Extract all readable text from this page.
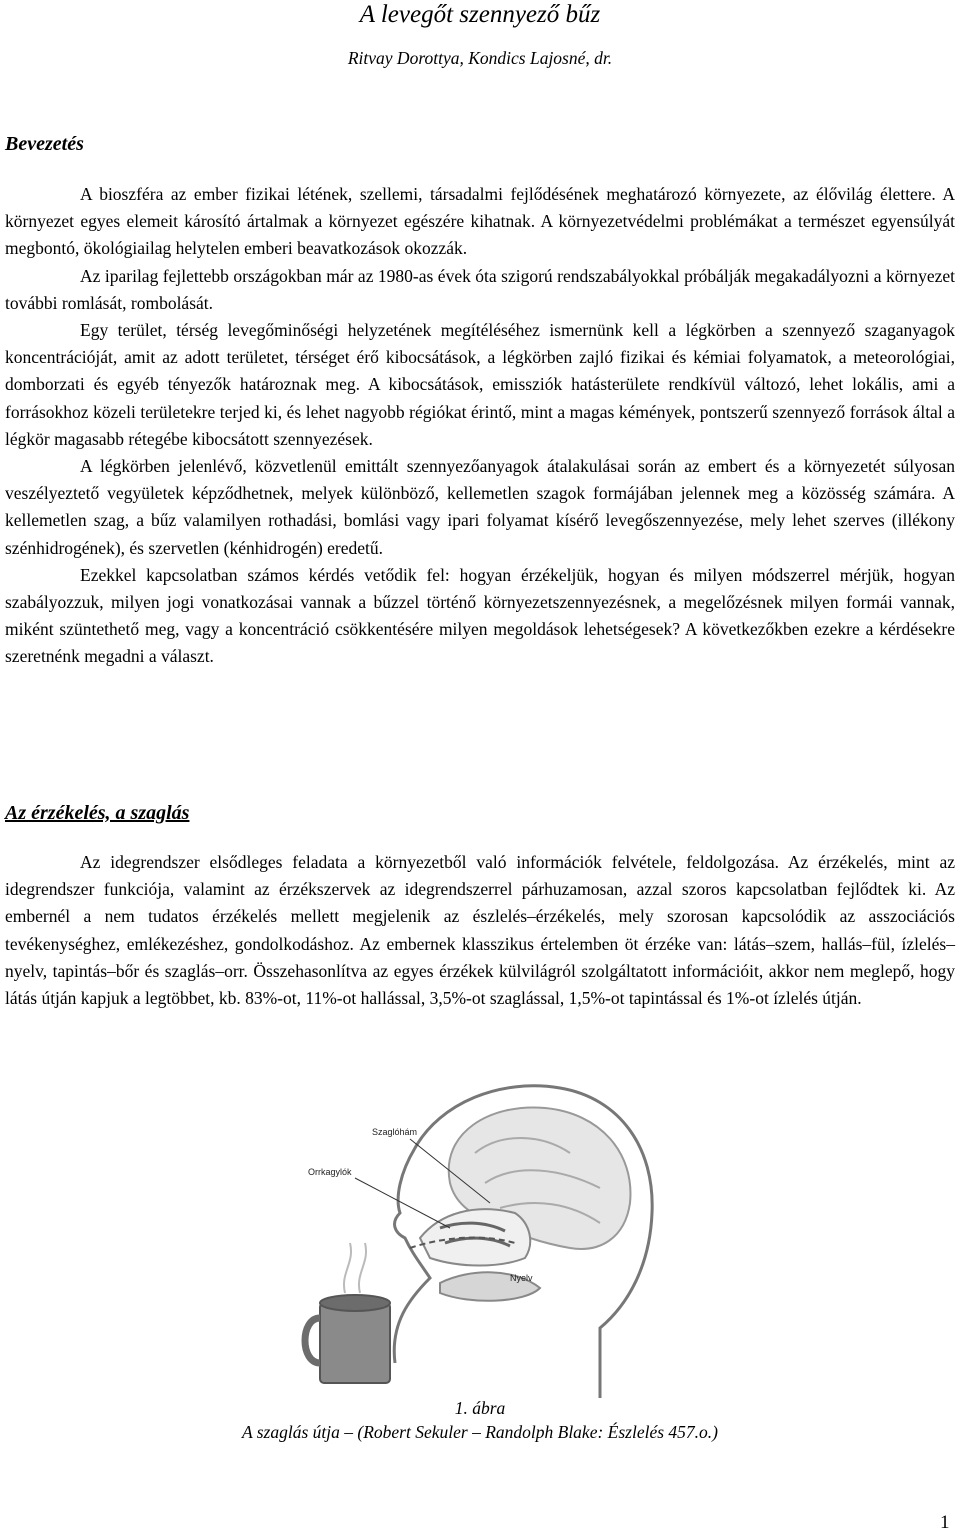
A levegőt szennyező bűz
Ritvay Dorottya, Kondics Lajosné, dr.
Bevezetés

A bioszféra az ember fizikai létének, szellemi, társadalmi fejlődésének meghatározó környezete, az élővilág élettere. A környezet egyes elemeit károsító ártalmak a környezet egészére kihatnak. A környezetvédelmi problémákat a természet egyensúlyát megbontó, ökológiailag helytelen emberi beavatkozások okozzák.

Az iparilag fejlettebb országokban már az 1980-as évek óta szigorú rendszabályokkal próbálják megakadályozni a környezet további romlását, rombolását.

Egy terület, térség levegőminőségi helyzetének megítéléséhez ismernünk kell a légkörben a szennyező szaganyagok koncentrációját, amit az adott területet, térséget érő kibocsátások, a légkörben zajló fizikai és kémiai folyamatok, a meteorológiai, domborzati és egyéb tényezők határoznak meg. A kibocsátások, emissziók hatásterülete rendkívül változó, lehet lokális, ami a forrásokhoz közeli területekre terjed ki, és lehet nagyobb régiókat érintő, mint a magas kémények, pontszerű szennyező források által a légkör magasabb rétegébe kibocsátott szennyezések.

A légkörben jelenlévő, közvetlenül emittált szennyezőanyagok átalakulásai során az embert és a környezetét súlyosan veszélyeztető vegyületek képződhetnek, melyek különböző, kellemetlen szagok formájában jelennek meg a közösség számára. A kellemetlen szag, a bűz valamilyen rothadási, bomlási vagy ipari folyamat kísérő levegőszennyezése, mely lehet szerves (illékony szénhidrogének), és szervetlen (kénhidrogén) eredetű.

Ezekkel kapcsolatban számos kérdés vetődik fel: hogyan érzékeljük, hogyan és milyen módszerrel mérjük, hogyan szabályozzuk, milyen jogi vonatkozásai vannak a bűzzel történő környezetszennyezésnek, a megelőzésnek milyen formái vannak, miként szüntethető meg, vagy a koncentráció csökkentésére milyen megoldások lehetségesek? A következőkben ezekre a kérdésekre szeretnénk megadni a választ.

Az érzékelés, a szaglás

Az idegrendszer elsődleges feladata a környezetből való információk felvétele, feldolgozása. Az érzékelés, mint az idegrendszer funkciója, valamint az érzékszervek az idegrendszerrel párhuzamosan, azzal szoros kapcsolatban fejlődtek ki. Az embernél a nem tudatos érzékelés mellett megjelenik az észlelés–érzékelés, mely szorosan kapcsolódik az asszociációs tevékenységhez, emlékezéshez, gondolkodáshoz. Az embernek klasszikus értelemben öt érzéke van: látás–szem, hallás–fül, ízlelés–nyelv, tapintás–bőr és szaglás–orr. Összehasonlítva az egyes érzékek külvilágról szolgáltatott információit, akkor nem meglepő, hogy látás útján kapjuk a legtöbbet, kb. 83%-ot, 11%-ot hallással, 3,5%-ot szaglással, 1,5%-ot tapintással és 1%-ot ízlelés útján.

Szaglóhám
Orrkagylók
Nyelv
1. ábra
A szaglás útja – (Robert Sekuler – Randolph Blake: Észlelés 457.o.)
1
